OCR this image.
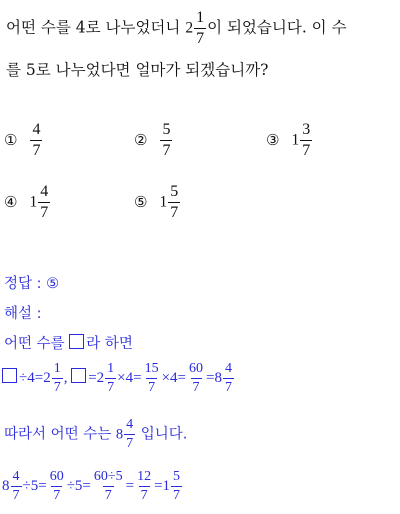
어떤 수를 4로 나누었더니 $2 \frac{1}{7}$ 이 되었습니다. 이 수
를 5로 나누었다면 얼마가 되겠습니까?
① $\frac{4}{7}$	② $\frac{5}{7}$	③ $1 \frac{3}{7}$
④ $1 \frac{4}{7}$	⑤ $1 \frac{5}{7}$
정답 : ⑤
해설 :
어떤 수를 라 하면
$\div 4=2 \frac{1}{7}$ , $=2 \frac{1}{7} \times 4= \frac{15}{7} \times 4= \frac{60}{7} =8 \frac{4}{7}$
따라서 어떤 수는 $8 \frac{4}{7}$ 입니다.
$8 \frac{4}{7} \div 5= \frac{60}{7} \div 5= \frac{60\div 5}{7} = \frac{12}{7} =1 \frac{5}{7}$
